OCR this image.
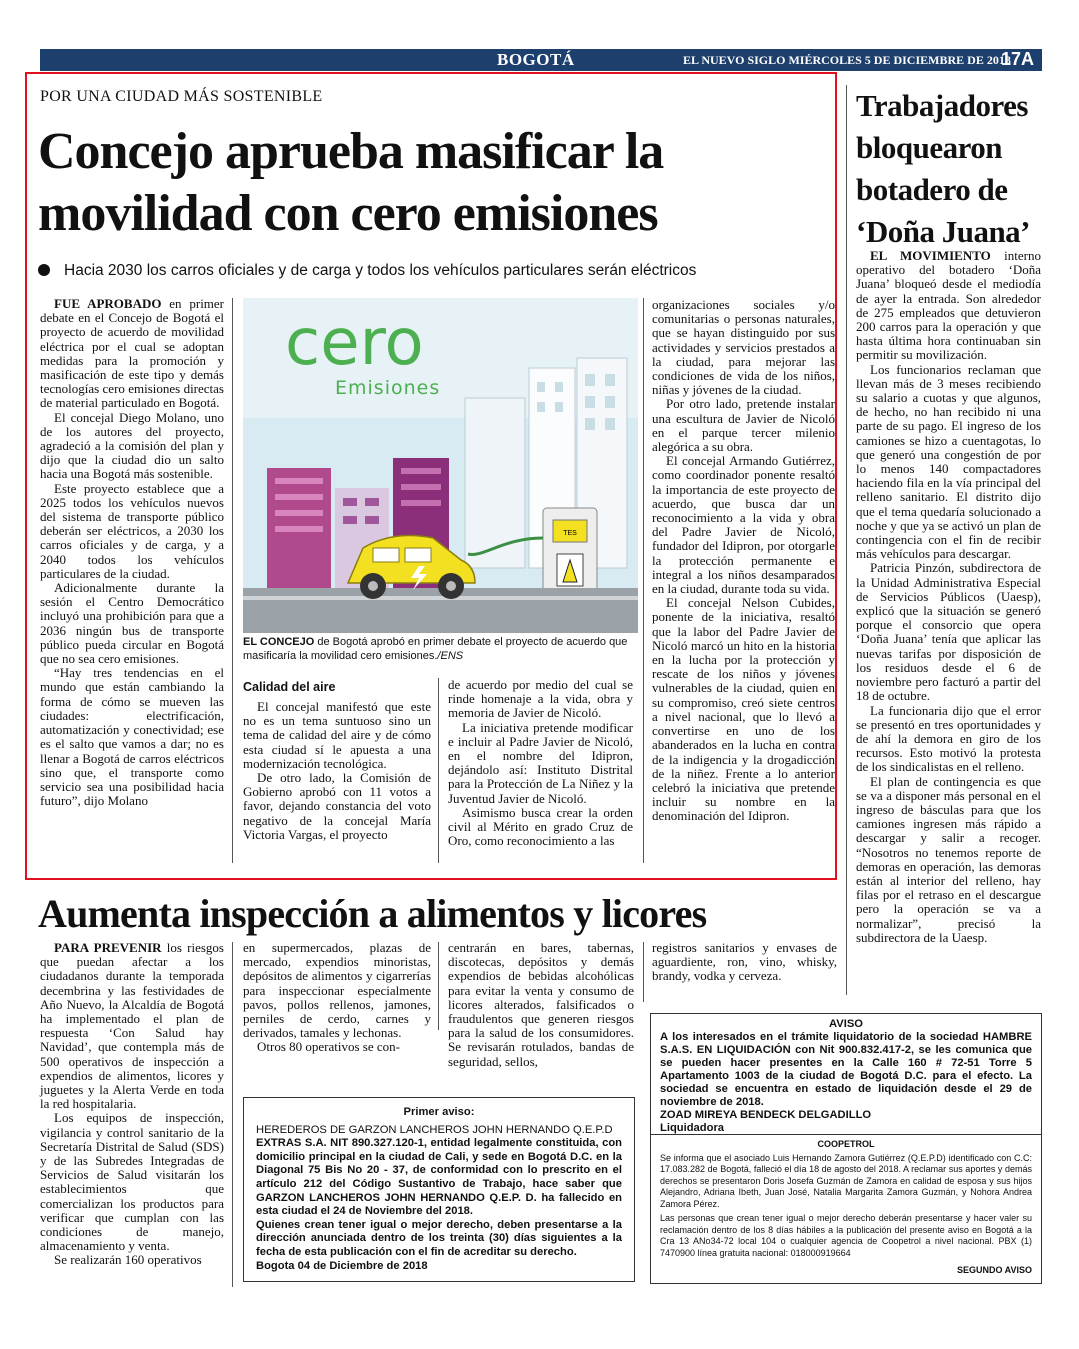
BOGOTÁ	EL NUEVO SIGLO MIÉRCOLES 5 DE DICIEMBRE DE 2018
17A
POR UNA CIUDAD MÁS SOSTENIBLE
Concejo aprueba masificar la movilidad con cero emisiones
Hacia 2030 los carros oficiales y de carga y todos los vehículos particulares serán eléctricos

FUE APROBADO en primer debate en el Concejo de Bogotá el proyecto de acuerdo de movilidad eléctrica por el cual se adoptan medidas para la promoción y masificación de este tipo y demás tecnologías cero emisiones directas de material particulado en Bogotá.

El concejal Diego Molano, uno de los autores del proyecto, agradeció a la comisión del plan y dijo que la ciudad dio un salto hacia una Bogotá más sostenible.

Este proyecto establece que a 2025 todos los vehículos nuevos del sistema de transporte público deberán ser eléctricos, a 2030 los carros oficiales y de carga, y a 2040 todos los vehículos particulares de la ciudad.

Adicionalmente durante la sesión el Centro Democrático incluyó una prohibición para que a 2036 ningún bus de transporte público pueda circular en Bogotá que no sea cero emisiones.

“Hay tres tendencias en el mundo que están cambiando la forma de cómo se mueven las ciudades: electrificación, automatización y conectividad; ese es el salto que vamos a dar; no es llenar a Bogotá de carros eléctricos sino que, el transporte como servicio sea una posibilidad hacia futuro”, dijo Molano

TES
cero
Emisiones
EL CONCEJO de Bogotá aprobó en primer debate el proyecto de acuerdo que masificaría la movilidad cero emisiones./ENS
Calidad del aire

El concejal manifestó que este no es un tema suntuoso sino un tema de calidad del aire y de cómo esta ciudad sí le apuesta a una modernización tecnológica.

De otro lado, la Comisión de Gobierno aprobó con 11 votos a favor, dejando constancia del voto negativo de la concejal María Victoria Vargas, el proyecto

de acuerdo por medio del cual se rinde homenaje a la vida, obra y memoria de Javier de Nicoló.

La iniciativa pretende modificar e incluir al Padre Javier de Nicoló, en el nombre del Idipron, dejándolo así: Instituto Distrital para la Protección de La Niñez y la Juventud Javier de Nicoló.

Asimismo busca crear la orden civil al Mérito en grado Cruz de Oro, como reconocimiento a las

organizaciones sociales y/o comunitarias o personas naturales, que se hayan distinguido por sus actividades y servicios prestados a la ciudad, para mejorar las condiciones de vida de los niños, niñas y jóvenes de la ciudad.

Por otro lado, pretende instalar una escultura de Javier de Nicoló en el parque tercer milenio alegórica a su obra.

El concejal Armando Gutiérrez, como coordinador ponente resaltó la importancia de este proyecto de acuerdo, que busca dar un reconocimiento a la vida y obra del Padre Javier de Nicoló, fundador del Idipron, por otorgarle la protección permanente e integral a los niños desamparados en la ciudad, durante toda su vida.

El concejal Nelson Cubides, ponente de la iniciativa, resaltó que la labor del Padre Javier de Nicoló marcó un hito en la historia en la lucha por la protección y rescate de los niños y jóvenes vulnerables de la ciudad, quien en su compromiso, creó siete centros a nivel nacional, que lo llevó a convertirse en uno de los abanderados en la lucha en contra de la indigencia y la drogadicción de la niñez. Frente a lo anterior celebró la iniciativa que pretende incluir su nombre en la denominación del Idipron.

Trabajadores bloquearon botadero de ‘Doña Juana’

EL MOVIMIENTO interno operativo del botadero ‘Doña Juana’ bloqueó desde el mediodía de ayer la entrada. Son alrededor de 275 empleados que detuvieron 200 carros para la operación y que hasta última hora continuaban sin permitir su movilización.

Los funcionarios reclaman que llevan más de 3 meses recibiendo su salario a cuotas y que algunos, de hecho, no han recibido ni una parte de su pago. El ingreso de los camiones se hizo a cuentagotas, lo que generó una congestión de por lo menos 140 compactadores haciendo fila en la vía principal del relleno sanitario. El distrito dijo que el tema quedaría solucionado a noche y que ya se activó un plan de contingencia con el fin de recibir más vehículos para descargar.

Patricia Pinzón, subdirectora de la Unidad Administrativa Especial de Servicios Públicos (Uaesp), explicó que la situación se generó porque el consorcio que opera ‘Doña Juana’ tenía que aplicar las nuevas tarifas por disposición de los residuos desde el 6 de noviembre pero facturó a partir del 18 de octubre.

La funcionaria dijo que el error se presentó en tres oportunidades y de ahí la demora en giro de los recursos. Esto motivó la protesta de los sindicalistas en el relleno.

El plan de contingencia es que se va a disponer más personal en el ingreso de básculas para que los camiones ingresen más rápido a descargar y salir a recoger. “Nosotros no tenemos reporte de demoras en operación, las demoras están al interior del relleno, hay filas por el retraso en el descargue pero la operación se va a normalizar”, precisó la subdirectora de la Uaesp.

Aumenta inspección a alimentos y licores

PARA PREVENIR los riesgos que puedan afectar a los ciudadanos durante la temporada decembrina y las festividades de Año Nuevo, la Alcaldía de Bogotá ha implementado el plan de respuesta ‘Con Salud hay Navidad’, que contempla más de 500 operativos de inspección a expendios de alimentos, licores y juguetes y la Alerta Verde en toda la red hospitalaria.

Los equipos de inspección, vigilancia y control sanitario de la Secretaría Distrital de Salud (SDS) y de las Subredes Integradas de Servicios de Salud visitarán los establecimientos que comercializan los productos para verificar que cumplan con las condiciones de manejo, almacenamiento y venta.

Se realizarán 160 operativos

en supermercados, plazas de mercado, expendios minoristas, depósitos de alimentos y cigarrerías para inspeccionar especialmente pavos, pollos rellenos, jamones, perniles de cerdo, carnes y derivados, tamales y lechonas.

Otros 80 operativos se con-

centrarán en bares, tabernas, discotecas, depósitos y demás expendios de bebidas alcohólicas para evitar la venta y consumo de licores alterados, falsificados o fraudulentos que generen riesgos para la salud de los consumidores. Se revisarán rotulados, bandas de seguridad, sellos,

registros sanitarios y envases de aguardiente, ron, vino, whisky, brandy, vodka y cerveza.

AVISO
A los interesados en el trámite liquidatorio de la sociedad HAMBRE S.A.S. EN LIQUIDACIÓN con Nit 900.832.417-2, se les comunica que se pueden hacer presentes en la Calle 160 # 72-51 Torre 5 Apartamento 1003 de la ciudad de Bogotá D.C. para el efecto. La sociedad se encuentra en estado de liquidación desde el 29 de noviembre de 2018.
ZOAD MIREYA BENDECK DELGADILLO
Liquidadora
Primer aviso:
HEREDEROS DE GARZON LANCHEROS JOHN HERNANDO Q.E.P.D
EXTRAS S.A. NIT 890.327.120-1, entidad legalmente constituida, con domicilio principal en la ciudad de Cali, y sede en Bogotá D.C. en la Diagonal 75 Bis No 20 - 37, de conformidad con lo prescrito en el artículo 212 del Código Sustantivo de Trabajo, hace saber que GARZON LANCHEROS JOHN HERNANDO Q.E.P. D. ha fallecido en esta ciudad el 24 de Noviembre del 2018.
Quienes crean tener igual o mejor derecho, deben presentarse a la dirección anunciada dentro de los treinta (30) días siguientes a la fecha de esta publicación con el fin de acreditar su derecho.
Bogota 04 de Diciembre de 2018
COOPETROL
Se informa que el asociado Luis Hernando Zamora Gutiérrez (Q.E.P.D) identificado con C.C: 17.083.282 de Bogotá, falleció el día 18 de agosto del 2018. A reclamar sus aportes y demás derechos se presentaron Doris Josefa Guzmán de Zamora en calidad de esposa y sus hijos Alejandro, Adriana Ibeth, Juan José, Natalia Margarita Zamora Guzmán, y Nohora Andrea Zamora Pérez.
Las personas que crean tener igual o mejor derecho deberán presentarse y hacer valer su reclamación dentro de los 8 días hábiles a la publicación del presente aviso en Bogotá a la Cra 13 ANo34-72 local 104 o cualquier agencia de Coopetrol a nivel nacional. PBX (1) 7470900 línea gratuita nacional: 018000919664
SEGUNDO AVISO
